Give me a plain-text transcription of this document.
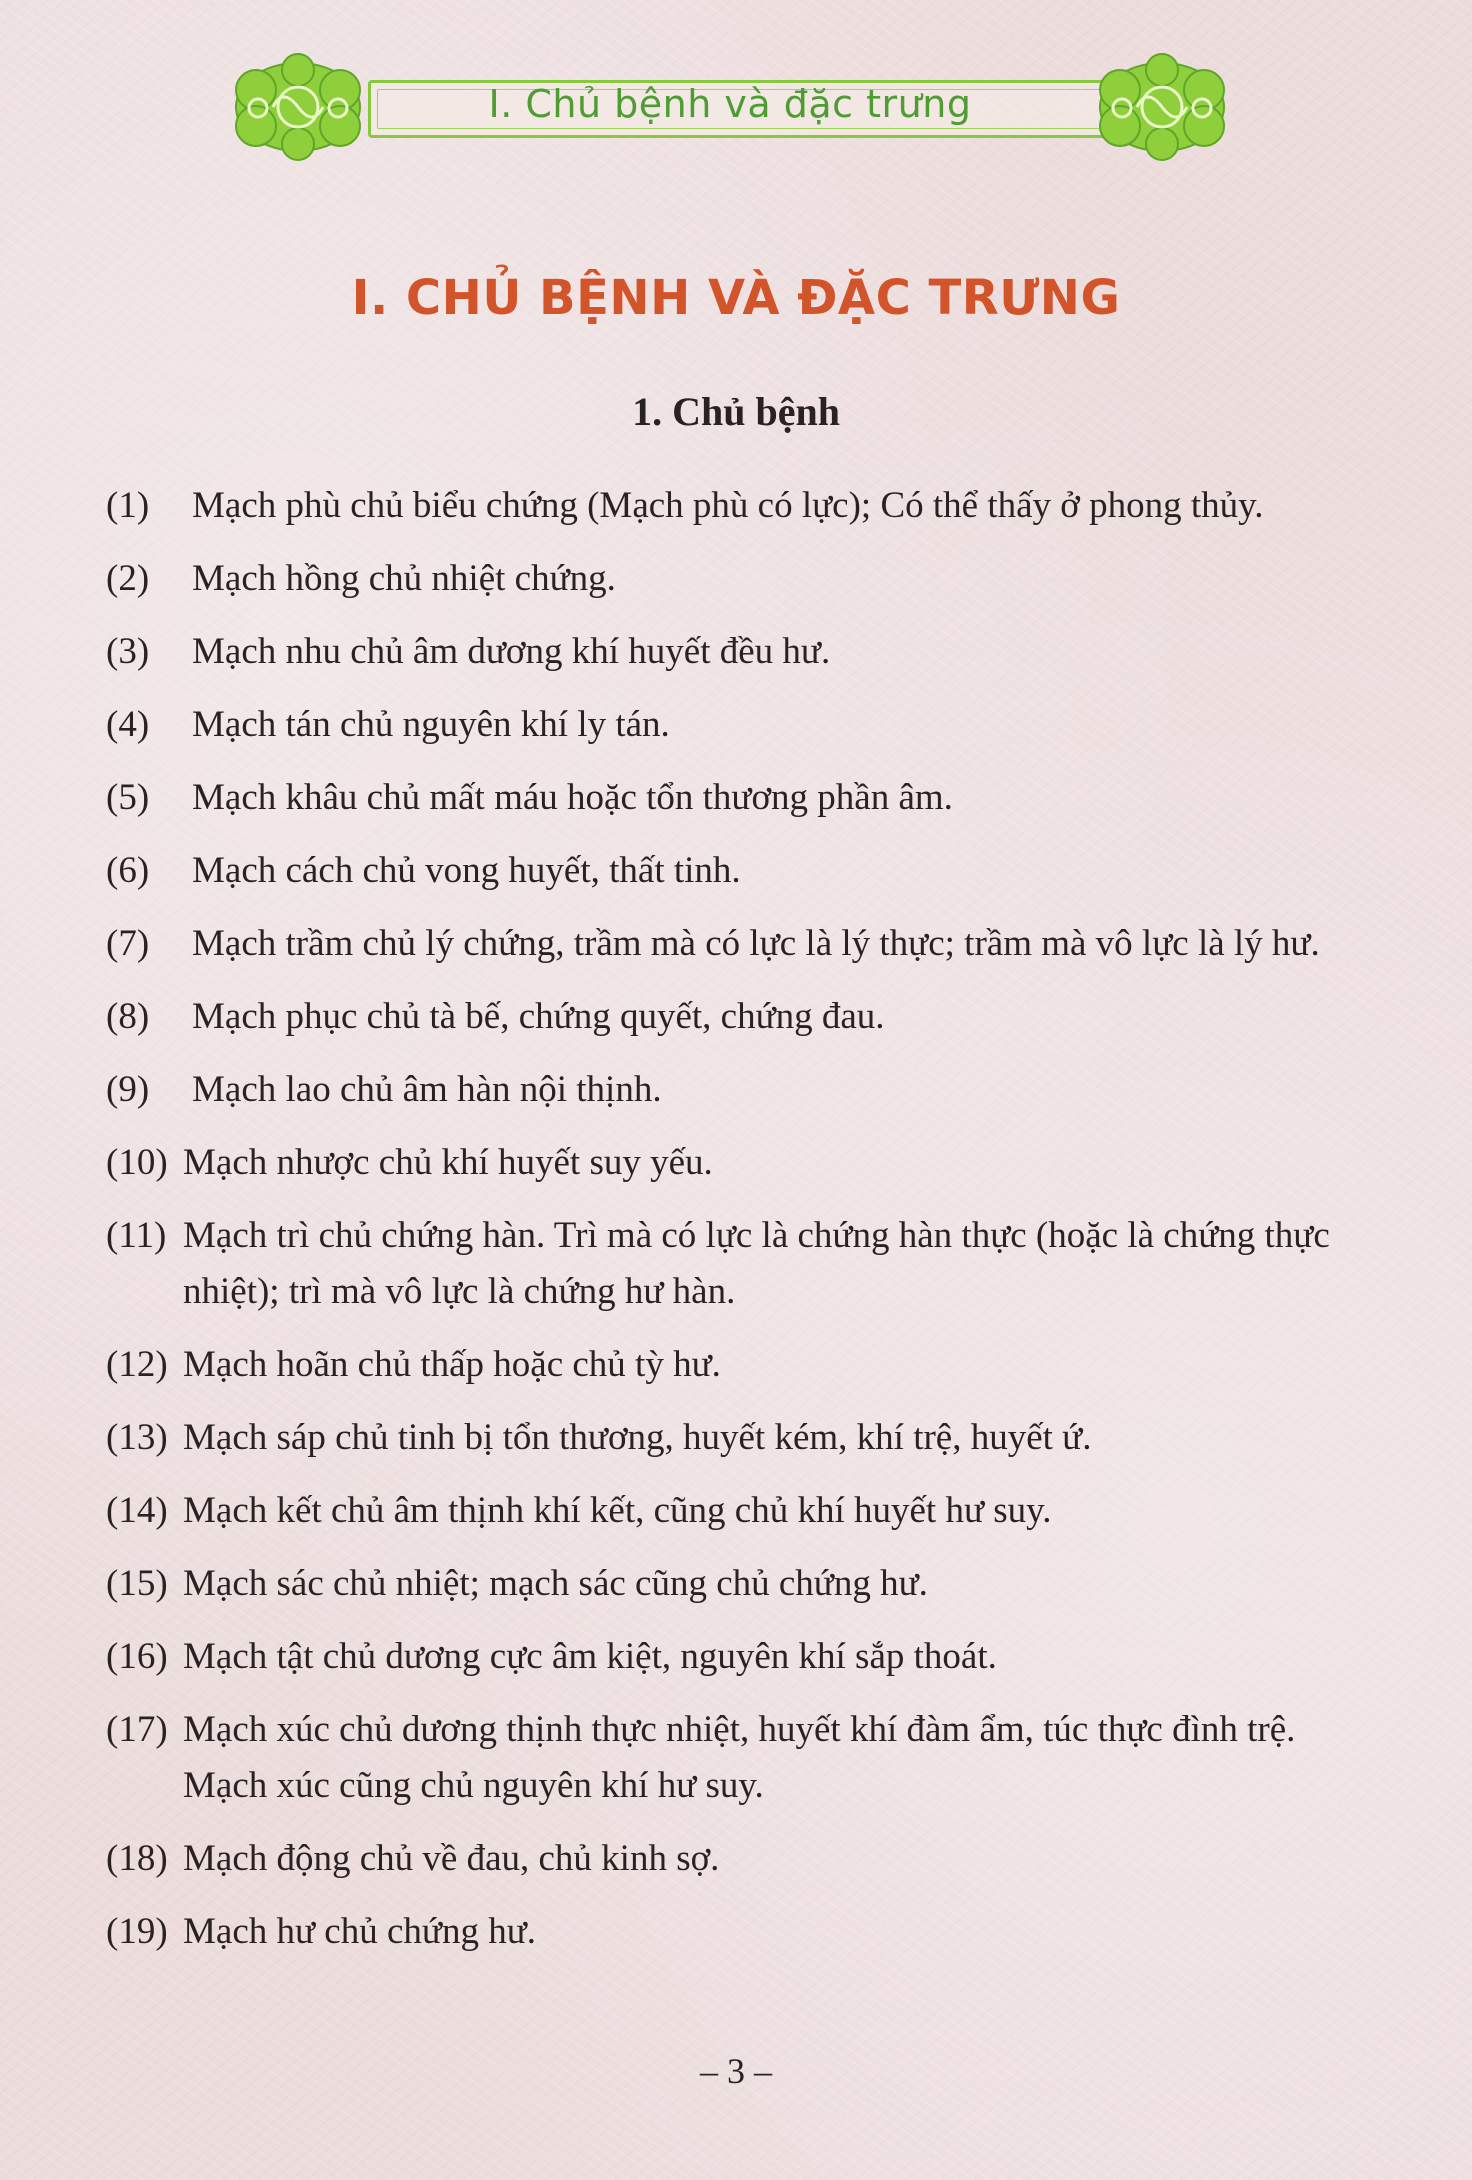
I. Chủ bệnh và đặc trưng
I. CHỦ BỆNH VÀ ĐẶC TRƯNG
1. Chủ bệnh
(1) Mạch phù chủ biểu chứng (Mạch phù có lực); Có thể thấy ở phong thủy.
(2) Mạch hồng chủ nhiệt chứng.
(3) Mạch nhu chủ âm dương khí huyết đều hư.
(4) Mạch tán chủ nguyên khí ly tán.
(5) Mạch khâu chủ mất máu hoặc tổn thương phần âm.
(6) Mạch cách chủ vong huyết, thất tinh.
(7) Mạch trầm chủ lý chứng, trầm mà có lực là lý thực; trầm mà vô lực là lý hư.
(8) Mạch phục chủ tà bế, chứng quyết, chứng đau.
(9) Mạch lao chủ âm hàn nội thịnh.
(10) Mạch nhược chủ khí huyết suy yếu.
(11) Mạch trì chủ chứng hàn. Trì mà có lực là chứng hàn thực (hoặc là chứng thực nhiệt); trì mà vô lực là chứng hư hàn.
(12) Mạch hoãn chủ thấp hoặc chủ tỳ hư.
(13) Mạch sáp chủ tinh bị tổn thương, huyết kém, khí trệ, huyết ứ.
(14) Mạch kết chủ âm thịnh khí kết, cũng chủ khí huyết hư suy.
(15) Mạch sác chủ nhiệt; mạch sác cũng chủ chứng hư.
(16) Mạch tật chủ dương cực âm kiệt, nguyên khí sắp thoát.
(17) Mạch xúc chủ dương thịnh thực nhiệt, huyết khí đàm ẩm, túc thực đình trệ. Mạch xúc cũng chủ nguyên khí hư suy.
(18) Mạch động chủ về đau, chủ kinh sợ.
(19) Mạch hư chủ chứng hư.
– 3 –
